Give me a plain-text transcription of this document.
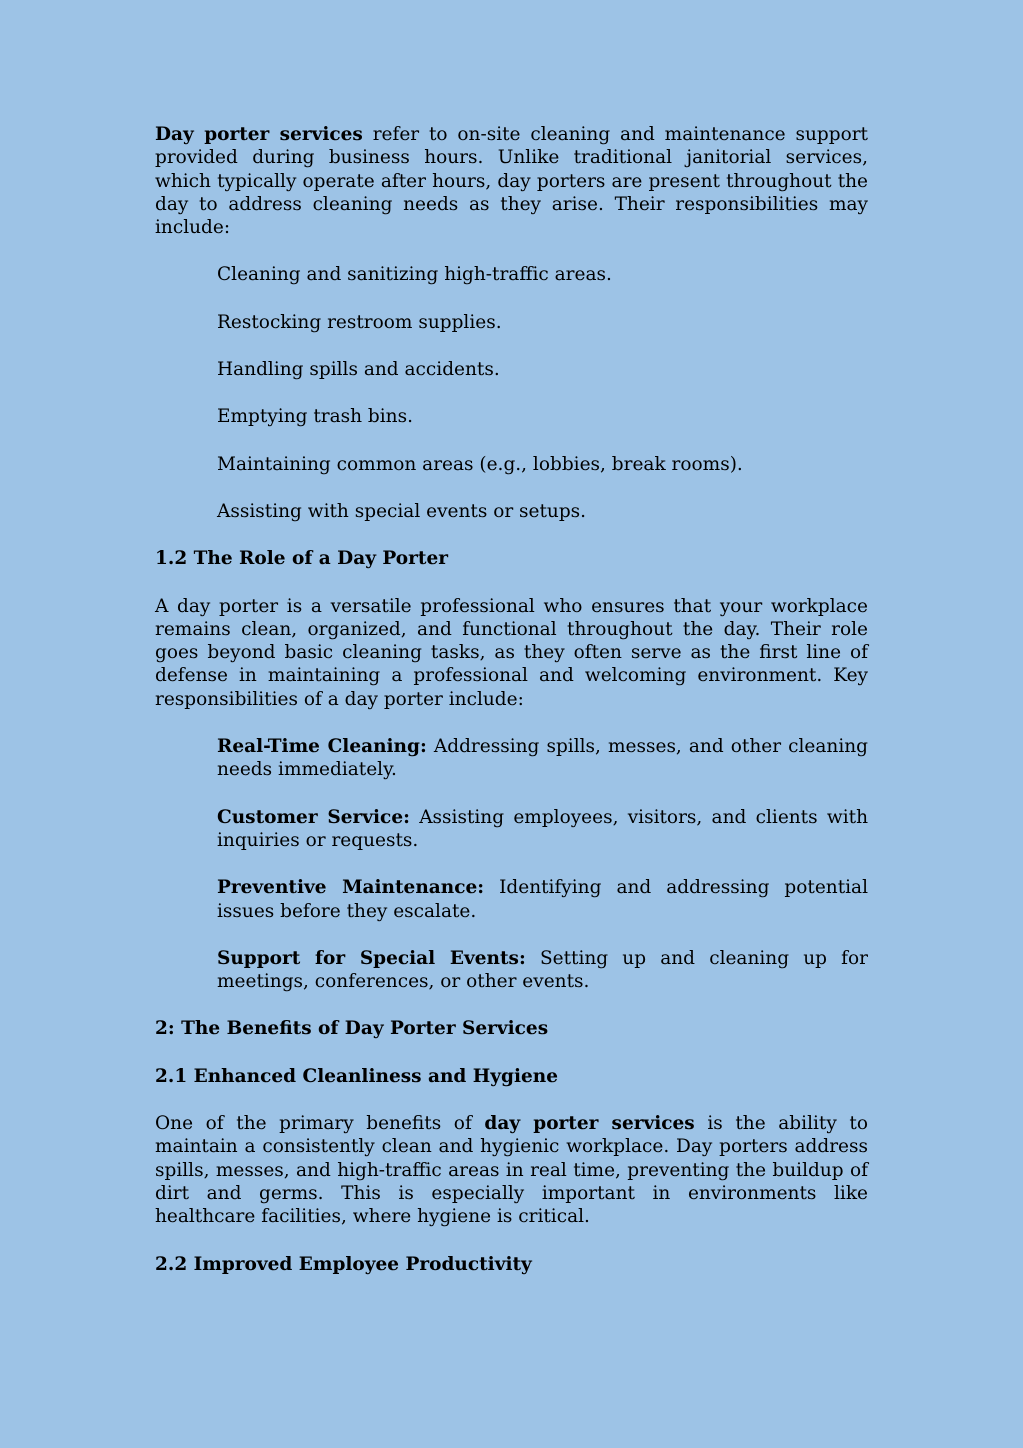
Day porter services refer to on-site cleaning and maintenance support provided during business hours. Unlike traditional janitorial services, which typically operate after hours, day porters are present throughout the day to address cleaning needs as they arise. Their responsibilities may include:

Cleaning and sanitizing high-traffic areas.

Restocking restroom supplies.

Handling spills and accidents.

Emptying trash bins.

Maintaining common areas (e.g., lobbies, break rooms).

Assisting with special events or setups.

1.2 The Role of a Day Porter

A day porter is a versatile professional who ensures that your workplace remains clean, organized, and functional throughout the day. Their role goes beyond basic cleaning tasks, as they often serve as the first line of defense in maintaining a professional and welcoming environment. Key responsibilities of a day porter include:

Real-Time Cleaning: Addressing spills, messes, and other cleaning needs immediately.

Customer Service: Assisting employees, visitors, and clients with inquiries or requests.

Preventive Maintenance: Identifying and addressing potential issues before they escalate.

Support for Special Events: Setting up and cleaning up for meetings, conferences, or other events.

2: The Benefits of Day Porter Services
2.1 Enhanced Cleanliness and Hygiene

One of the primary benefits of day porter services is the ability to maintain a consistently clean and hygienic workplace. Day porters address spills, messes, and high-traffic areas in real time, preventing the buildup of dirt and germs. This is especially important in environments like healthcare facilities, where hygiene is critical.

2.2 Improved Employee Productivity
